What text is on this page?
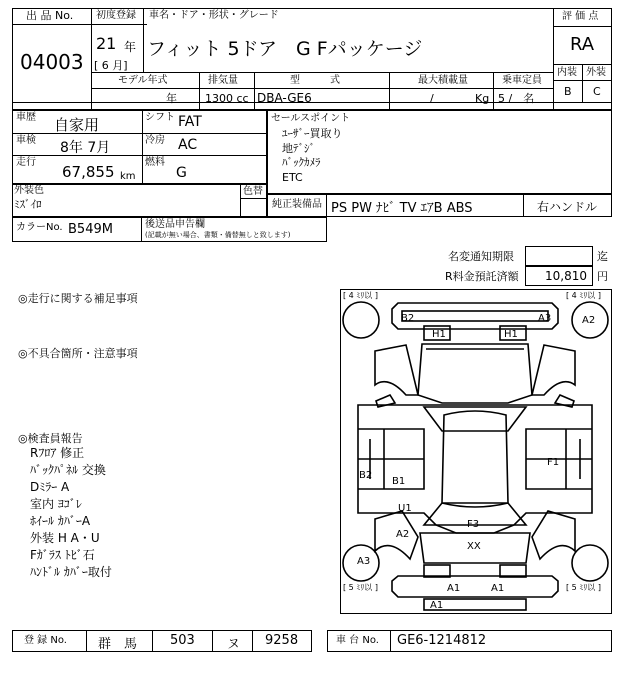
出 品 No.
04003
初度登録
21 年
[ 6 月]
車名・ドア・形状・グレード
フィット 5ドア　G Fパッケージ
評 価 点
RA
内装 外装
B C
モデル年式
年
排気量
1300 cc
型　　　式
DBA-GE6
最大積載量
/	Kg
乗車定員
5 /　名
車歴 自家用	シフト FAT
車検 8年 7月	冷房 AC
走行
67,855 km
燃料
G
外装色
ﾐｽﾞｲﾛ
色替
カラーNo. B549M	後送品申告欄
(記載が無い場合、書類・備替無しと致します)
セールスポイント
ﾕｰｻﾞｰ買取り
地ﾃﾞｼﾞ
ﾊﾞｯｸｶﾒﾗ
ETC
純正装備品 PS PW ﾅﾋﾞ TV ｴｱB ABS	右ハンドル
名変通知期限	迄
R料金預託済額 10,810 円
◎走行に関する補足事項
◎不具合箇所・注意事項
◎検査員報告
Rﾌﾛｱ 修正
ﾊﾞｯｸﾊﾟﾈﾙ 交換
Dﾐﾗｰ A
室内 ﾖｺﾞﾚ
ﾎｲｰﾙ ｶﾊﾞｰA
外装 H A・U
Fｶﾞﾗｽ ﾄﾋﾞ石
ﾊﾝﾄﾞﾙ ｶﾊﾞｰ取付
[ 4 ﾐﾘ以 ]	[ 4 ﾐﾘ以 ]
[ 5 ﾐﾘ以 ]	[ 5 ﾐﾘ以 ]
B2	A3	A2
H1	H1
B2
B1
F1
U1
A2
F3
XX
A3
A1	A1
A1
登 録 No. 群　馬	503 ヌ 9258	車 台 No. GE6-1214812
